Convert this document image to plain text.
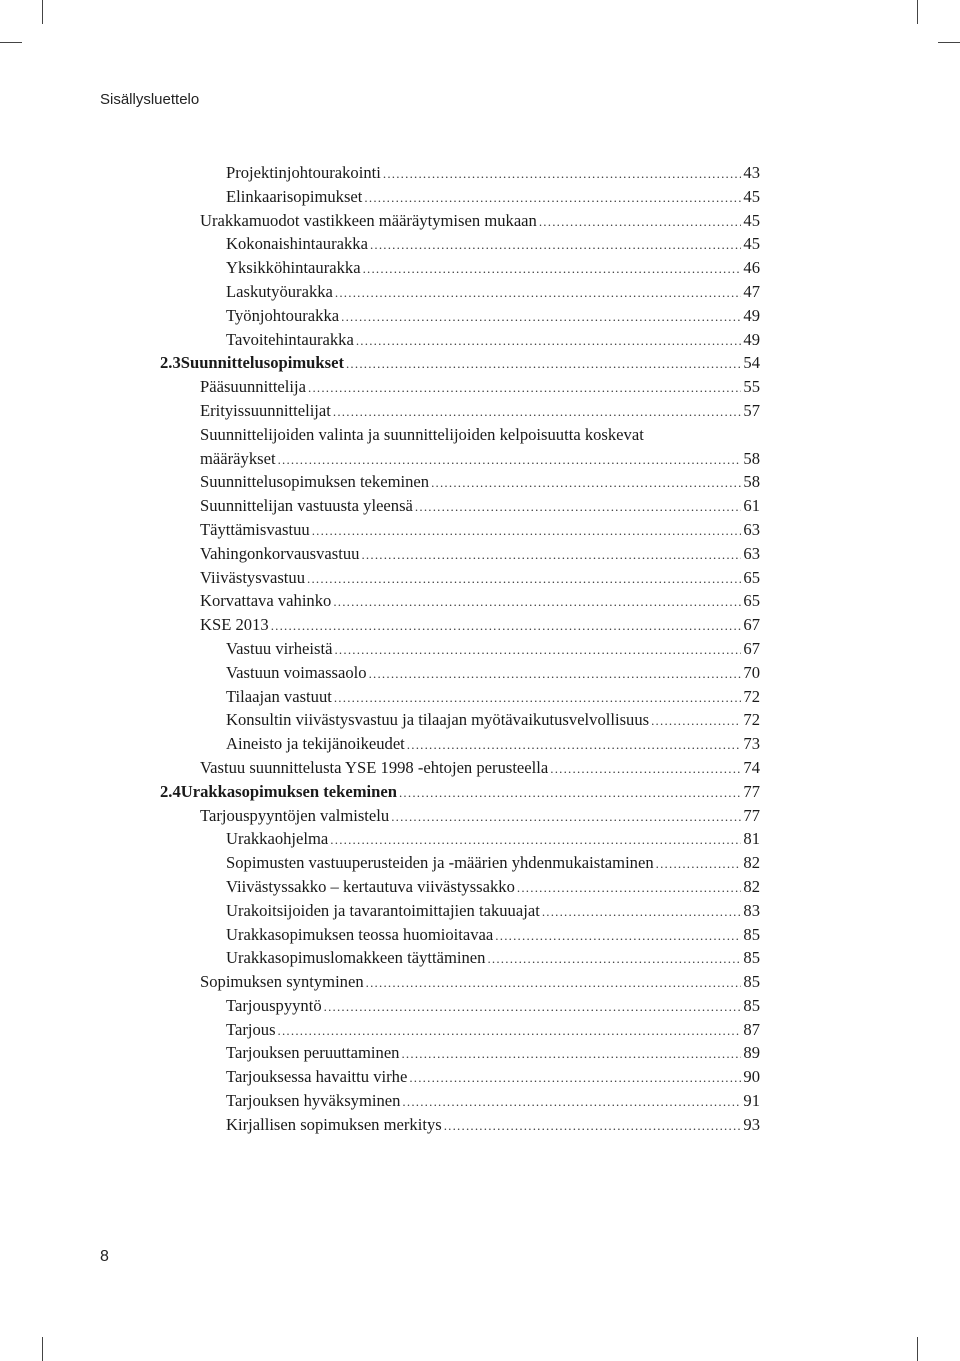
Sisällysluettelo
Projektinjohtourakointi .....	43
Elinkaarisopimukset .....	45
Urakkamuodot vastikkeen määräytymisen mukaan .....	45
Kokonaishintaurakka .....	45
Yksikköhintaurakka .....	46
Laskutyöurakka .....	47
Työnjohtourakka .....	49
Tavoitehintaurakka .....	49
2.3 Suunnittelusopimukset .....	54
Pääsuunnittelija .....	55
Erityissuunnittelijat .....	57
Suunnittelijoiden valinta ja suunnittelijoiden kelpoisuutta koskevat
määräykset .....	58
Suunnittelusopimuksen tekeminen .....	58
Suunnittelijan vastuusta yleensä .....	61
Täyttämisvastuu .....	63
Vahingonkorvausvastuu .....	63
Viivästysvastuu .....	65
Korvattava vahinko .....	65
KSE 2013 .....	67
Vastuu virheistä .....	67
Vastuun voimassaolo .....	70
Tilaajan vastuut .....	72
Konsultin viivästysvastuu ja tilaajan myötävaikutusvelvollisuus .....	72
Aineisto ja tekijänoikeudet .....	73
Vastuu suunnittelusta YSE 1998 -ehtojen perusteella .....	74
2.4 Urakkasopimuksen tekeminen .....	77
Tarjouspyyntöjen valmistelu .....	77
Urakkaohjelma .....	81
Sopimusten vastuuperusteiden ja -määrien yhdenmukaistaminen .....	82
Viivästyssakko – kertautuva viivästyssakko .....	82
Urakoitsijoiden ja tavarantoimittajien takuuajat .....	83
Urakkasopimuksen teossa huomioitavaa .....	85
Urakkasopimuslomakkeen täyttäminen .....	85
Sopimuksen syntyminen .....	85
Tarjouspyyntö .....	85
Tarjous .....	87
Tarjouksen peruuttaminen .....	89
Tarjouksessa havaittu virhe .....	90
Tarjouksen hyväksyminen .....	91
Kirjallisen sopimuksen merkitys .....	93
8
